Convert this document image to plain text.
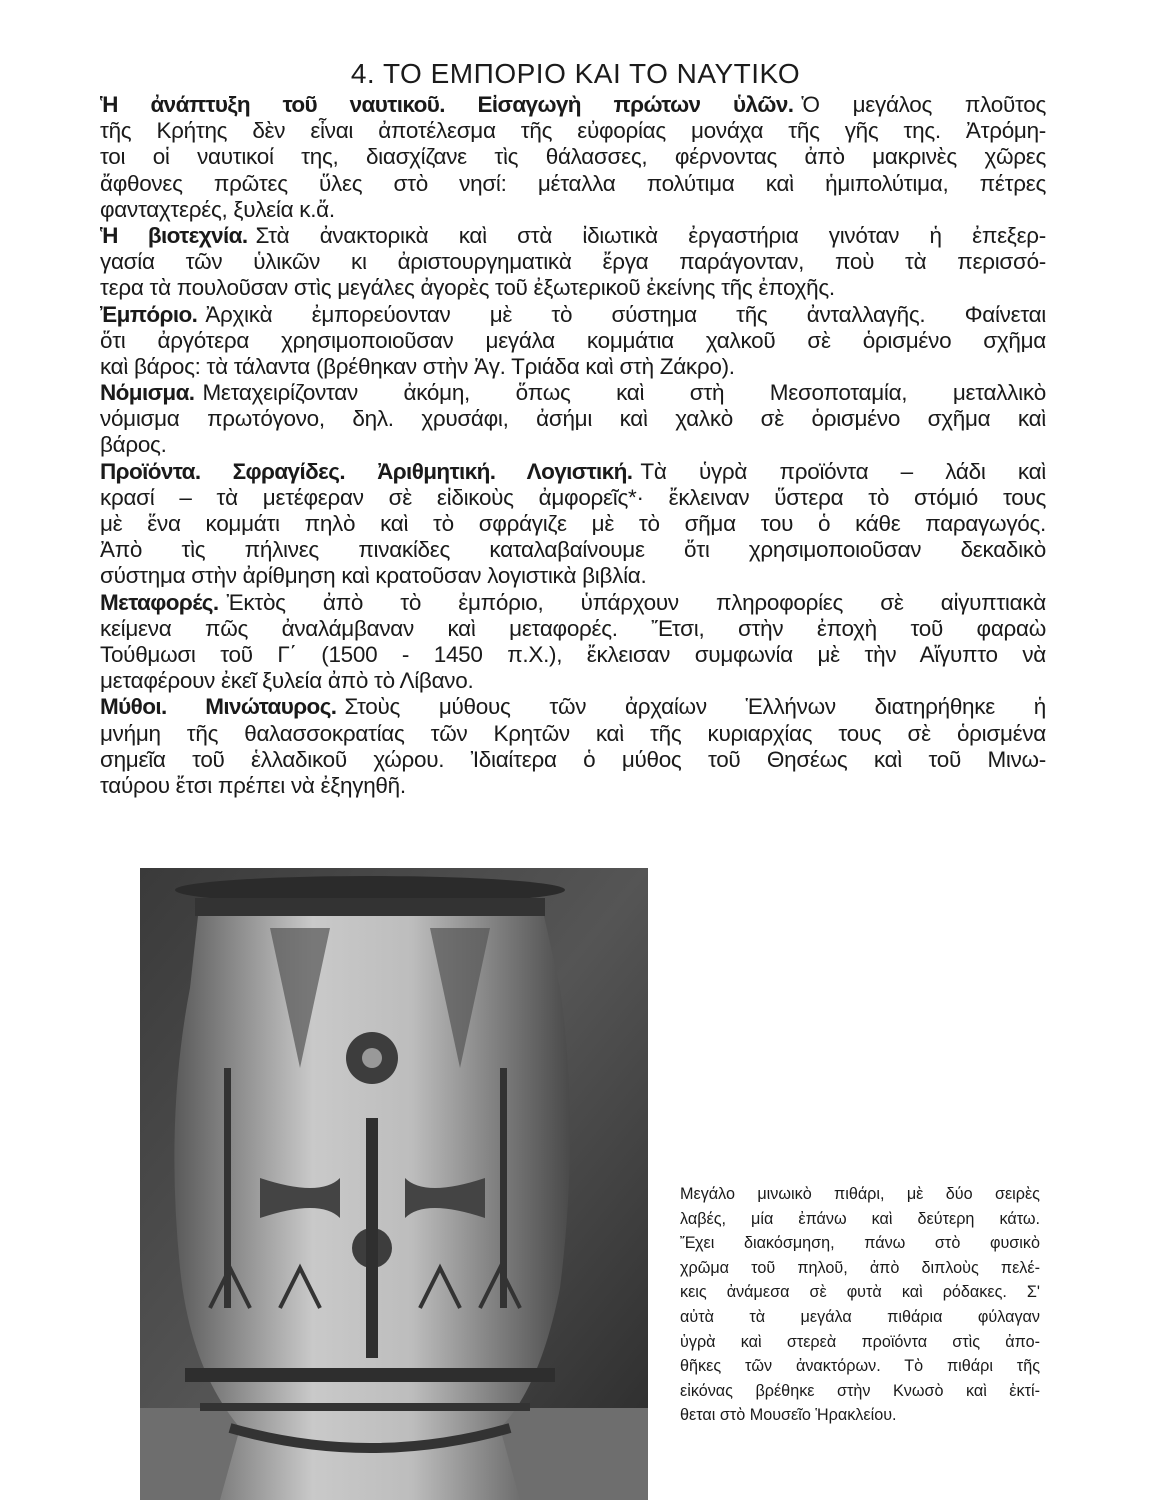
4. ΤΟ ΕΜΠΟΡΙΟ ΚΑΙ ΤΟ ΝΑΥΤΙΚΟ
Ἡ ἀνάπτυξη τοῦ ναυτικοῦ. Εἰσαγωγὴ πρώτων ὑλῶν. Ὁ μεγάλος πλοῦτος
τῆς Κρήτης δὲν εἶναι ἀποτέλεσμα τῆς εὐφορίας μονάχα τῆς γῆς της. Ἀτρόμη-
τοι οἱ ναυτικοί της, διασχίζανε τὶς θάλασσες, φέρνοντας ἀπὸ μακρινὲς χῶρες
ἄφθονες πρῶτες ὕλες στὸ νησί: μέταλλα πολύτιμα καὶ ἡμιπολύτιμα, πέτρες
φανταχτερές, ξυλεία κ.ἄ.
Ἡ βιοτεχνία. Στὰ ἀνακτορικὰ καὶ στὰ ἰδιωτικὰ ἐργαστήρια γινόταν ἡ ἐπεξερ-
γασία τῶν ὑλικῶν κι ἀριστουργηματικὰ ἔργα παράγονταν, ποὺ τὰ περισσό-
τερα τὰ πουλοῦσαν στὶς μεγάλες ἀγορὲς τοῦ ἐξωτερικοῦ ἐκείνης τῆς ἐποχῆς.
Ἐμπόριο. Ἀρχικὰ ἐμπορεύονταν μὲ τὸ σύστημα τῆς ἀνταλλαγῆς. Φαίνεται
ὅτι ἀργότερα χρησιμοποιοῦσαν μεγάλα κομμάτια χαλκοῦ σὲ ὁρισμένο σχῆμα
καὶ βάρος: τὰ τάλαντα (βρέθηκαν στὴν Ἁγ. Τριάδα καὶ στὴ Ζάκρο).
Νόμισμα. Μεταχειρίζονταν ἀκόμη, ὅπως καὶ στὴ Μεσοποταμία, μεταλλικὸ
νόμισμα πρωτόγονο, δηλ. χρυσάφι, ἀσήμι καὶ χαλκὸ σὲ ὁρισμένο σχῆμα καὶ
βάρος.
Προϊόντα. Σφραγίδες. Ἀριθμητική. Λογιστική. Τὰ ὑγρὰ προϊόντα – λάδι καὶ
κρασί – τὰ μετέφεραν σὲ εἰδικοὺς ἀμφορεῖς*· ἔκλειναν ὕστερα τὸ στόμιό τους
μὲ ἕνα κομμάτι πηλὸ καὶ τὸ σφράγιζε μὲ τὸ σῆμα του ὁ κάθε παραγωγός.
Ἀπὸ τὶς πήλινες πινακίδες καταλαβαίνουμε ὅτι χρησιμοποιοῦσαν δεκαδικὸ
σύστημα στὴν ἀρίθμηση καὶ κρατοῦσαν λογιστικὰ βιβλία.
Μεταφορές. Ἐκτὸς ἀπὸ τὸ ἐμπόριο, ὑπάρχουν πληροφορίες σὲ αἰγυπτιακὰ
κείμενα πῶς ἀναλάμβαναν καὶ μεταφορές. Ἔτσι, στὴν ἐποχὴ τοῦ φαραὼ
Τούθμωσι τοῦ Γ΄ (1500 - 1450 π.Χ.), ἔκλεισαν συμφωνία μὲ τὴν Αἴγυπτο νὰ
μεταφέρουν ἐκεῖ ξυλεία ἀπὸ τὸ Λίβανο.
Μύθοι. Μινώταυρος. Στοὺς μύθους τῶν ἀρχαίων Ἑλλήνων διατηρήθηκε ἡ
μνήμη τῆς θαλασσοκρατίας τῶν Κρητῶν καὶ τῆς κυριαρχίας τους σὲ ὁρισμένα
σημεῖα τοῦ ἑλλαδικοῦ χώρου. Ἰδιαίτερα ὁ μύθος τοῦ Θησέως καὶ τοῦ Μινω-
ταύρου ἔτσι πρέπει νὰ ἐξηγηθῆ.
Μεγάλο μινωικὸ πιθάρι, μὲ δύο σειρὲς
λαβές, μία ἐπάνω καὶ δεύτερη κάτω.
Ἔχει διακόσμηση, πάνω στὸ φυσικὸ
χρῶμα τοῦ πηλοῦ, ἀπὸ διπλοὺς πελέ-
κεις ἀνάμεσα σὲ φυτὰ καὶ ρόδακες. Σ'
αὐτὰ τὰ μεγάλα πιθάρια φύλαγαν
ὑγρὰ καὶ στερεὰ προϊόντα στὶς ἀπο-
θῆκες τῶν ἀνακτόρων. Τὸ πιθάρι τῆς
εἰκόνας βρέθηκε στὴν Κνωσὸ καὶ ἐκτί-
θεται στὸ Μουσεῖο Ἡρακλείου.
